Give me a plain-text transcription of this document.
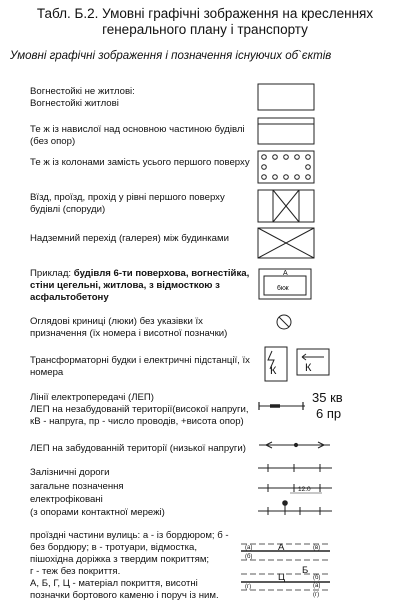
Табл. Б.2. Умовні графічні зображення на кресленнях
генерального плану і транспорту
Умовні графічні зображення і позначення існуючих об`єктів
Вогнестойкі не житлові:
Вогнестойкі житлові
Те ж із навислої над основною частиною будівлі (без опор)
Те ж із колонами замість усього першого поверху
Вїзд, проїзд, прохід у рівні першого поверху будівлі (споруди)
Надземний перехід (галерея) між будинками
Приклад: будівля 6-ти поверхова, вогнестійка, стіни цегельні, житлова, з відмосткою з асфальтобетону
Оглядові криниці (люки) без указівки їх призначення (їх номера і висотної позначки)
Трансформаторні будки і електричні підстанції, їх номера
Лінії електропередачі (ЛЕП)
ЛЕП на незабудованій території(високої напруги, кВ - напруга, пр - число проводів, +висота опор)
ЛЕП на забудованній території (низької напруги)
Залізничні дороги
загальне позначення
електрофіковані
(з опорами контактної мережі)
проїздні частини вулиць: а - із бордюром; б - без бордюру; в - тротуари, відмостка, пішохідна доріжка з твердим покриттям;
г - теж без покриття.
А, Б, Г, Ц - матеріал покриття, висотні позначки бортового каменю і поруч із ним.
А
6кж
К	К
35 кв
6 пр
12.0
(а)
(б)
(в)
(б)
(а)
(г)
(г)
А
Ц
Б
